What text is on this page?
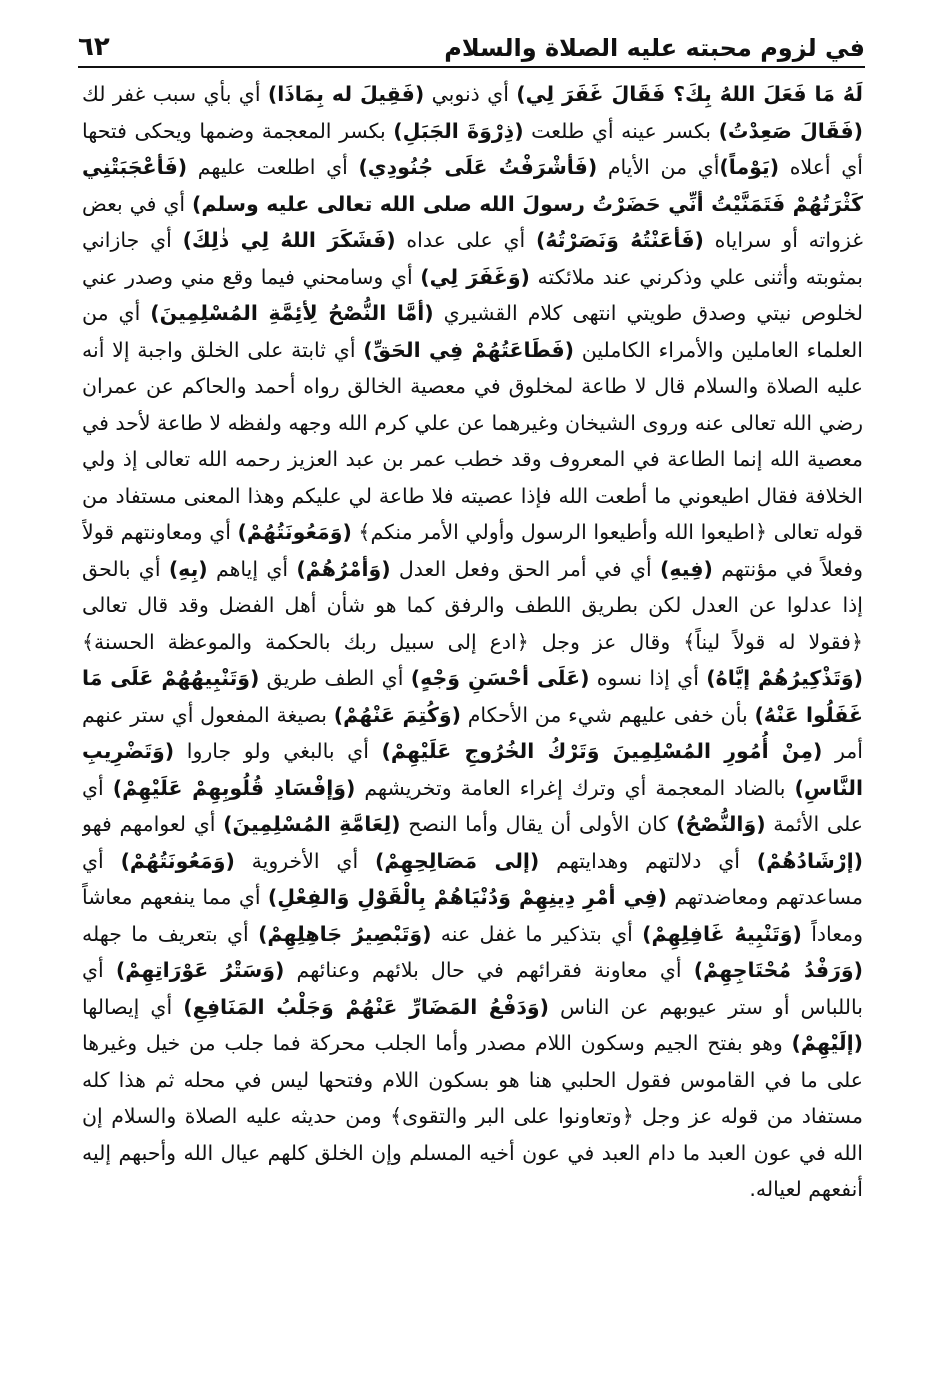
في لزوم محبته عليه الصلاة والسلام
٦٢

لَهُ مَا فَعَلَ اللهُ بِكَ؟ فَقَالَ غَفَرَ لِي) أي ذنوبي (فَقِيلَ له بِمَاذَا) أي بأي سبب غفر لك (فَقَالَ صَعِدْتُ) بكسر عينه أي طلعت (ذِرْوَةَ الجَبَلِ) بكسر المعجمة وضمها ويحكى فتحها أي أعلاه (يَوْماً)أي من الأيام (فَأشْرَفْتُ عَلَى جُنُودِي) أي اطلعت عليهم (فَأعْجَبَتْنِي كَثْرَتُهُمْ فَتَمَنَّيْتُ أنِّي حَضَرْتُ رسولَ الله صلى الله تعالى عليه وسلم) أي في بعض غزواته أو سراياه (فَأعَنْتُهُ وَنَصَرْتُهُ) أي على عداه (فَشَكَرَ اللهُ لِي ذٰلِكَ) أي جازاني بمثوبته وأثنى علي وذكرني عند ملائكته (وَغَفَرَ لِي) أي وسامحني فيما وقع مني وصدر عني لخلوص نيتي وصدق طويتي انتهى كلام القشيري (أمَّا النُّصْحُ لِأئِمَّةِ المُسْلِمِينَ) أي من العلماء العاملين والأمراء الكاملين (فَطَاعَتُهُمْ فِي الحَقِّ) أي ثابتة على الخلق واجبة إلا أنه عليه الصلاة والسلام قال لا طاعة لمخلوق في معصية الخالق رواه أحمد والحاكم عن عمران رضي الله تعالى عنه وروى الشيخان وغيرهما عن علي كرم الله وجهه ولفظه لا طاعة لأحد في معصية الله إنما الطاعة في المعروف وقد خطب عمر بن عبد العزيز رحمه الله تعالى إذ ولي الخلافة فقال اطيعوني ما أطعت الله فإذا عصيته فلا طاعة لي عليكم وهذا المعنى مستفاد من قوله تعالى ﴿اطيعوا الله وأطيعوا الرسول وأولي الأمر منكم﴾ (وَمَعُونَتُهُمْ) أي ومعاونتهم قولاً وفعلاً في مؤنتهم (فِيهِ) أي في أمر الحق وفعل العدل (وَأمْرُهُمْ) أي إياهم (بِهِ) أي بالحق إذا عدلوا عن العدل لكن بطريق اللطف والرفق كما هو شأن أهل الفضل وقد قال تعالى ﴿فقولا له قولاً ليناً﴾ وقال عز وجل ﴿ادع إلى سبيل ربك بالحكمة والموعظة الحسنة﴾ (وَتَذْكِيرُهُمْ إيَّاهُ) أي إذا نسوه (عَلَى أحْسَنِ وَجْهٍ) أي الطف طريق (وَتَنْبِيهُهُمْ عَلَى مَا غَفَلُوا عَنْهُ) بأن خفى عليهم شيء من الأحكام (وَكُتِمَ عَنْهُمْ) بصيغة المفعول أي ستر عنهم أمر (مِنْ أُمُورِ المُسْلِمِينَ وَتَرْكُ الخُرُوجِ عَلَيْهِمْ) أي بالبغي ولو جاروا (وَتَضْرِيبِ النَّاسِ) بالضاد المعجمة أي وترك إغراء العامة وتخريشهم (وَإفْسَادِ قُلُوبِهِمْ عَلَيْهِمْ) أي على الأئمة (وَالنُّصْحُ) كان الأولى أن يقال وأما النصح (لِعَامَّةِ المُسْلِمِينَ) أي لعوامهم فهو (إرْشَادُهُمْ) أي دلالتهم وهدايتهم (إلى مَصَالِحِهِمْ) أي الأخروية (وَمَعُونَتُهُمْ) أي مساعدتهم ومعاضدتهم (فِي أمْرِ دِينِهِمْ وَدُنْيَاهُمْ بِالْقَوْلِ وَالفِعْلِ) أي مما ينفعهم معاشاً ومعاداً (وَتَنْبِيهُ غَافِلِهِمْ) أي بتذكير ما غفل عنه (وَتَبْصِيرُ جَاهِلِهِمْ) أي بتعريف ما جهله (وَرَفْدُ مُحْتَاجِهِمْ) أي معاونة فقرائهم في حال بلائهم وعنائهم (وَسَتْرُ عَوْرَاتِهِمْ) أي باللباس أو ستر عيوبهم عن الناس (وَدَفْعُ المَضَارِّ عَنْهُمْ وَجَلْبُ المَنَافِعِ) أي إيصالها (إلَيْهِمْ) وهو بفتح الجيم وسكون اللام مصدر وأما الجلب محركة فما جلب من خيل وغيرها على ما في القاموس فقول الحلبي هنا هو بسكون اللام وفتحها ليس في محله ثم هذا كله مستفاد من قوله عز وجل ﴿وتعاونوا على البر والتقوى﴾ ومن حديثه عليه الصلاة والسلام إن الله في عون العبد ما دام العبد في عون أخيه المسلم وإن الخلق كلهم عيال الله وأحبهم إليه أنفعهم لعياله.
